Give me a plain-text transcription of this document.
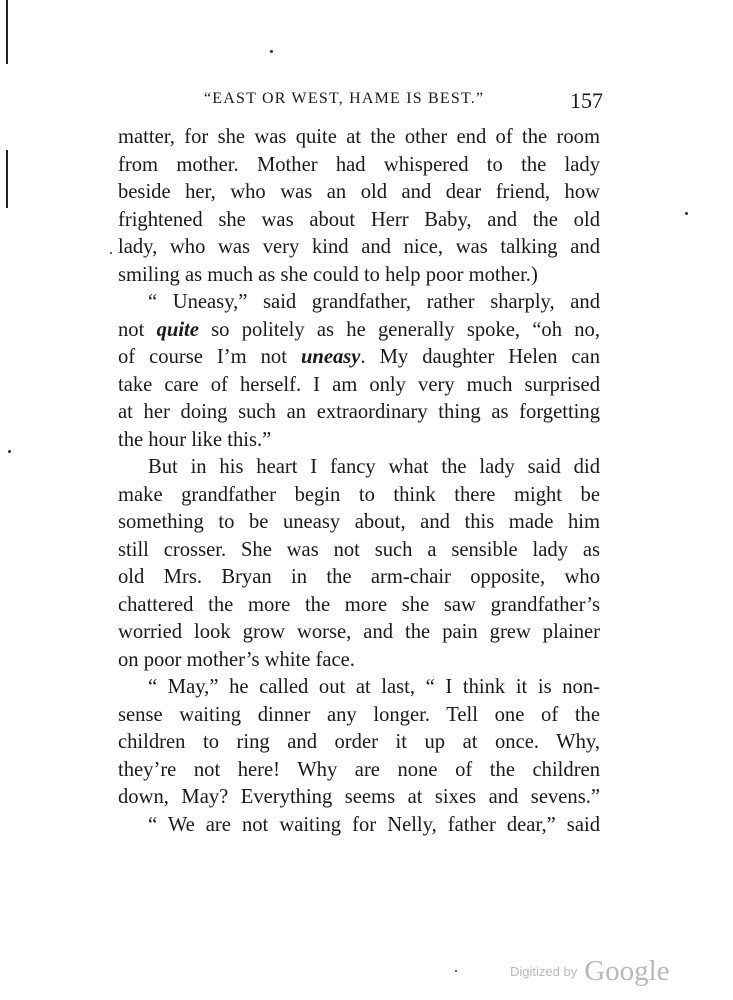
“EAST OR WEST, HAME IS BEST.”	157
matter, for she was quite at the other end of the room
from mother. Mother had whispered to the lady
beside her, who was an old and dear friend, how
frightened she was about Herr Baby, and the old
lady, who was very kind and nice, was talking and
smiling as much as she could to help poor mother.)
“ Uneasy,” said grandfather, rather sharply, and
not quite so politely as he generally spoke, “oh no,
of course I’m not uneasy. My daughter Helen can
take care of herself. I am only very much surprised
at her doing such an extraordinary thing as forgetting
the hour like this.”
But in his heart I fancy what the lady said did
make grandfather begin to think there might be
something to be uneasy about, and this made him
still crosser. She was not such a sensible lady as
old Mrs. Bryan in the arm-chair opposite, who
chattered the more the more she saw grandfather’s
worried look grow worse, and the pain grew plainer
on poor mother’s white face.
“ May,” he called out at last, “ I think it is non-
sense waiting dinner any longer. Tell one of the
children to ring and order it up at once. Why,
they’re not here! Why are none of the children
down, May? Everything seems at sixes and sevens.”
“ We are not waiting for Nelly, father dear,” said
Digitized by Google
